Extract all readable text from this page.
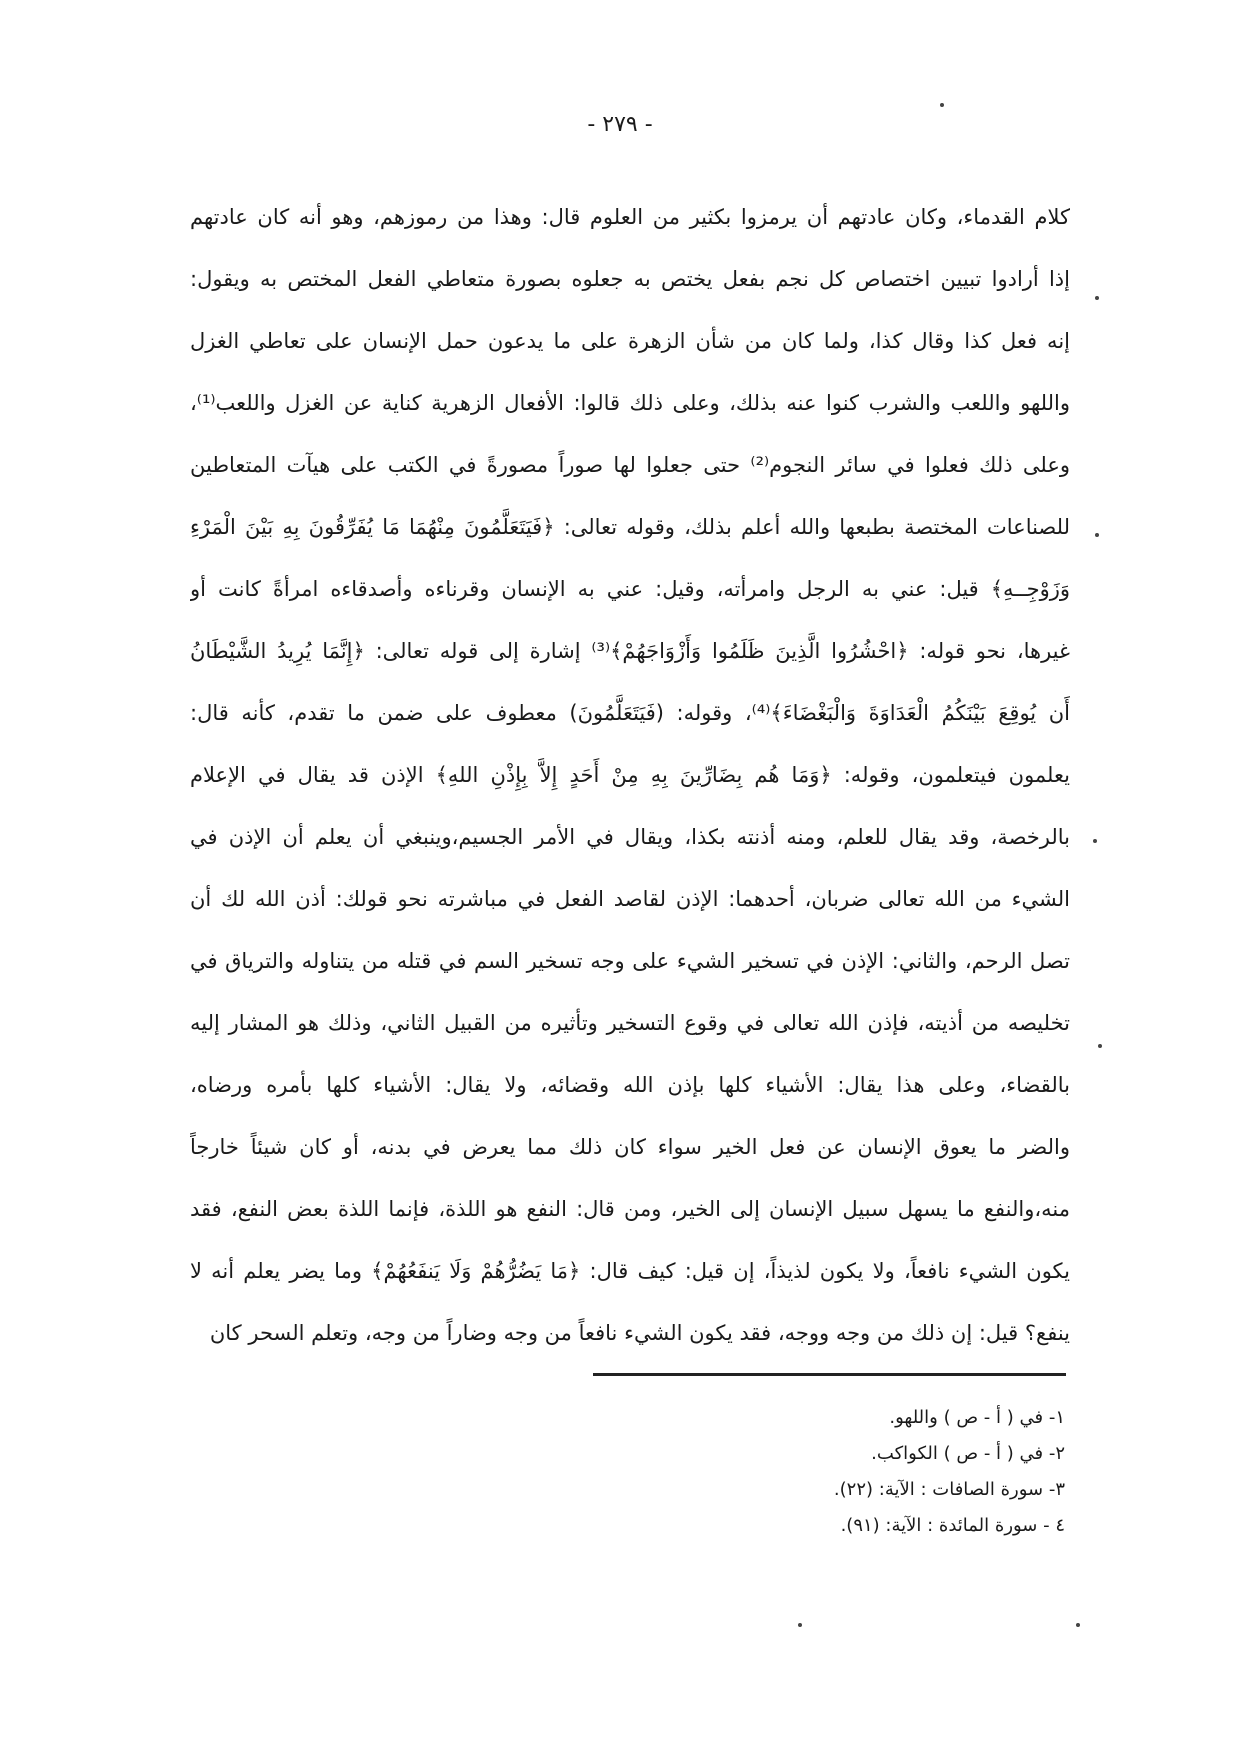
- ٢٧٩ -
كلام القدماء، وكان عادتهم أن يرمزوا بكثير من العلوم قال: وهذا من رموزهم، وهو أنه كان عادتهم
إذا أرادوا تبيين اختصاص كل نجم بفعل يختص به جعلوه بصورة متعاطي الفعل المختص به ويقول:
إنه فعل كذا وقال كذا، ولما كان من شأن الزهرة على ما يدعون حمل الإنسان على تعاطي الغزل
واللهو واللعب والشرب كنوا عنه بذلك، وعلى ذلك قالوا: الأفعال الزهرية كناية عن الغزل واللعب⁽¹⁾،
وعلى ذلك فعلوا في سائر النجوم⁽²⁾ حتى جعلوا لها صوراً مصورةً في الكتب على هيآت المتعاطين
للصناعات المختصة بطبعها والله أعلم بذلك، وقوله تعالى: ﴿فَيَتَعَلَّمُونَ مِنْهُمَا مَا يُفَرِّقُونَ بِهِ بَيْنَ الْمَرْءِ
وَزَوْجِــهِ﴾ قيل: عني به الرجل وامرأته، وقيل: عني به الإنسان وقرناءه وأصدقاءه امرأةً كانت أو
غيرها، نحو قوله: ﴿احْشُرُوا الَّذِينَ ظَلَمُوا وَأَزْوَاجَهُمْ﴾⁽³⁾ إشارة إلى قوله تعالى: ﴿إِنَّمَا يُرِيدُ الشَّيْطَانُ
أَن يُوقِعَ بَيْنَكُمُ الْعَدَاوَةَ وَالْبَغْضَاءَ﴾⁽⁴⁾، وقوله: (فَيَتَعَلَّمُونَ) معطوف على ضمن ما تقدم، كأنه قال:
يعلمون فيتعلمون، وقوله: ﴿وَمَا هُم بِضَارِّينَ بِهِ مِنْ أَحَدٍ إِلاَّ بِإِذْنِ اللهِ﴾ الإذن قد يقال في الإعلام
بالرخصة، وقد يقال للعلم، ومنه أذنته بكذا، ويقال في الأمر الجسيم،وينبغي أن يعلم أن الإذن في
الشيء من الله تعالى ضربان، أحدهما: الإذن لقاصد الفعل في مباشرته نحو قولك: أذن الله لك أن
تصل الرحم، والثاني: الإذن في تسخير الشيء على وجه تسخير السم في قتله من يتناوله والترياق في
تخليصه من أذيته، فإذن الله تعالى في وقوع التسخير وتأثيره من القبيل الثاني، وذلك هو المشار إليه
بالقضاء، وعلى هذا يقال: الأشياء كلها بإذن الله وقضائه، ولا يقال: الأشياء كلها بأمره ورضاه،
والضر ما يعوق الإنسان عن فعل الخير سواء كان ذلك مما يعرض في بدنه، أو كان شيئاً خارجاً
منه،والنفع ما يسهل سبيل الإنسان إلى الخير، ومن قال: النفع هو اللذة، فإنما اللذة بعض النفع، فقد
يكون الشيء نافعاً، ولا يكون لذيذاً، إن قيل: كيف قال: ﴿مَا يَضُرُّهُمْ وَلَا يَنفَعُهُمْ﴾ وما يضر يعلم أنه لا
ينفع؟ قيل: إن ذلك من وجه ووجه، فقد يكون الشيء نافعاً من وجه وضاراً من وجه، وتعلم السحر كان
١- في ( أ - ص ) واللهو.
٢- في ( أ - ص ) الكواكب.
٣- سورة الصافات : الآية: (٢٢).
٤ - سورة المائدة : الآية: (٩١).
